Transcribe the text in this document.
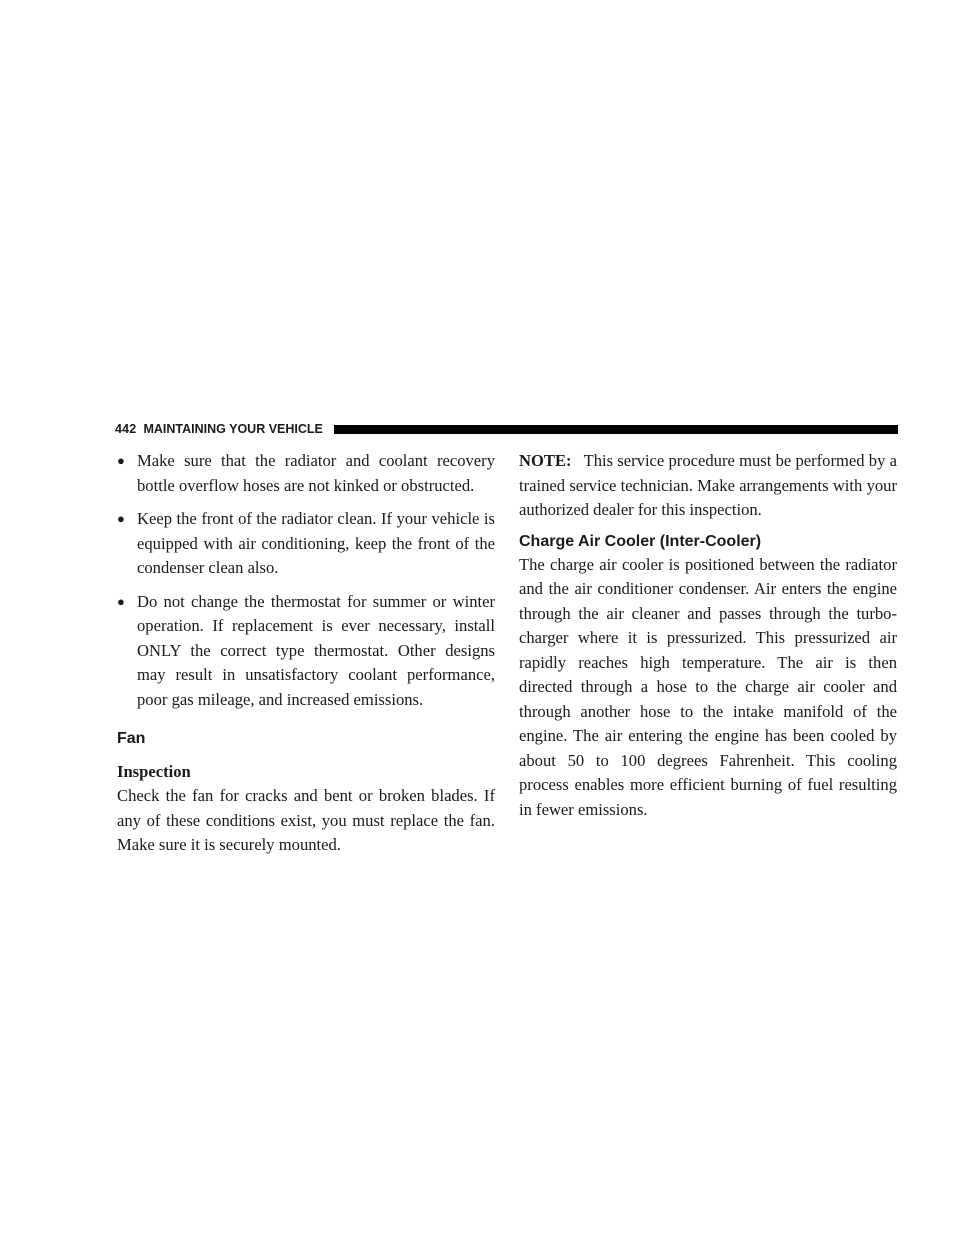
442 MAINTAINING YOUR VEHICLE
● Make sure that the radiator and coolant recovery bottle overflow hoses are not kinked or obstructed.
● Keep the front of the radiator clean. If your vehicle is equipped with air conditioning, keep the front of the condenser clean also.
● Do not change the thermostat for summer or winter operation. If replacement is ever necessary, install ONLY the correct type thermostat. Other designs may result in unsatisfactory coolant performance, poor gas mileage, and increased emissions.
Fan
Inspection

Check the fan for cracks and bent or broken blades. If any of these conditions exist, you must replace the fan. Make sure it is securely mounted.

NOTE: This service procedure must be performed by a trained service technician. Make arrangements with your authorized dealer for this inspection.

Charge Air Cooler (Inter-Cooler)

The charge air cooler is positioned between the radiator and the air conditioner condenser. Air enters the engine through the air cleaner and passes through the turbo-charger where it is pressurized. This pressurized air rapidly reaches high temperature. The air is then directed through a hose to the charge air cooler and through another hose to the intake manifold of the engine. The air entering the engine has been cooled by about 50 to 100 degrees Fahrenheit. This cooling process enables more efficient burning of fuel resulting in fewer emissions.
